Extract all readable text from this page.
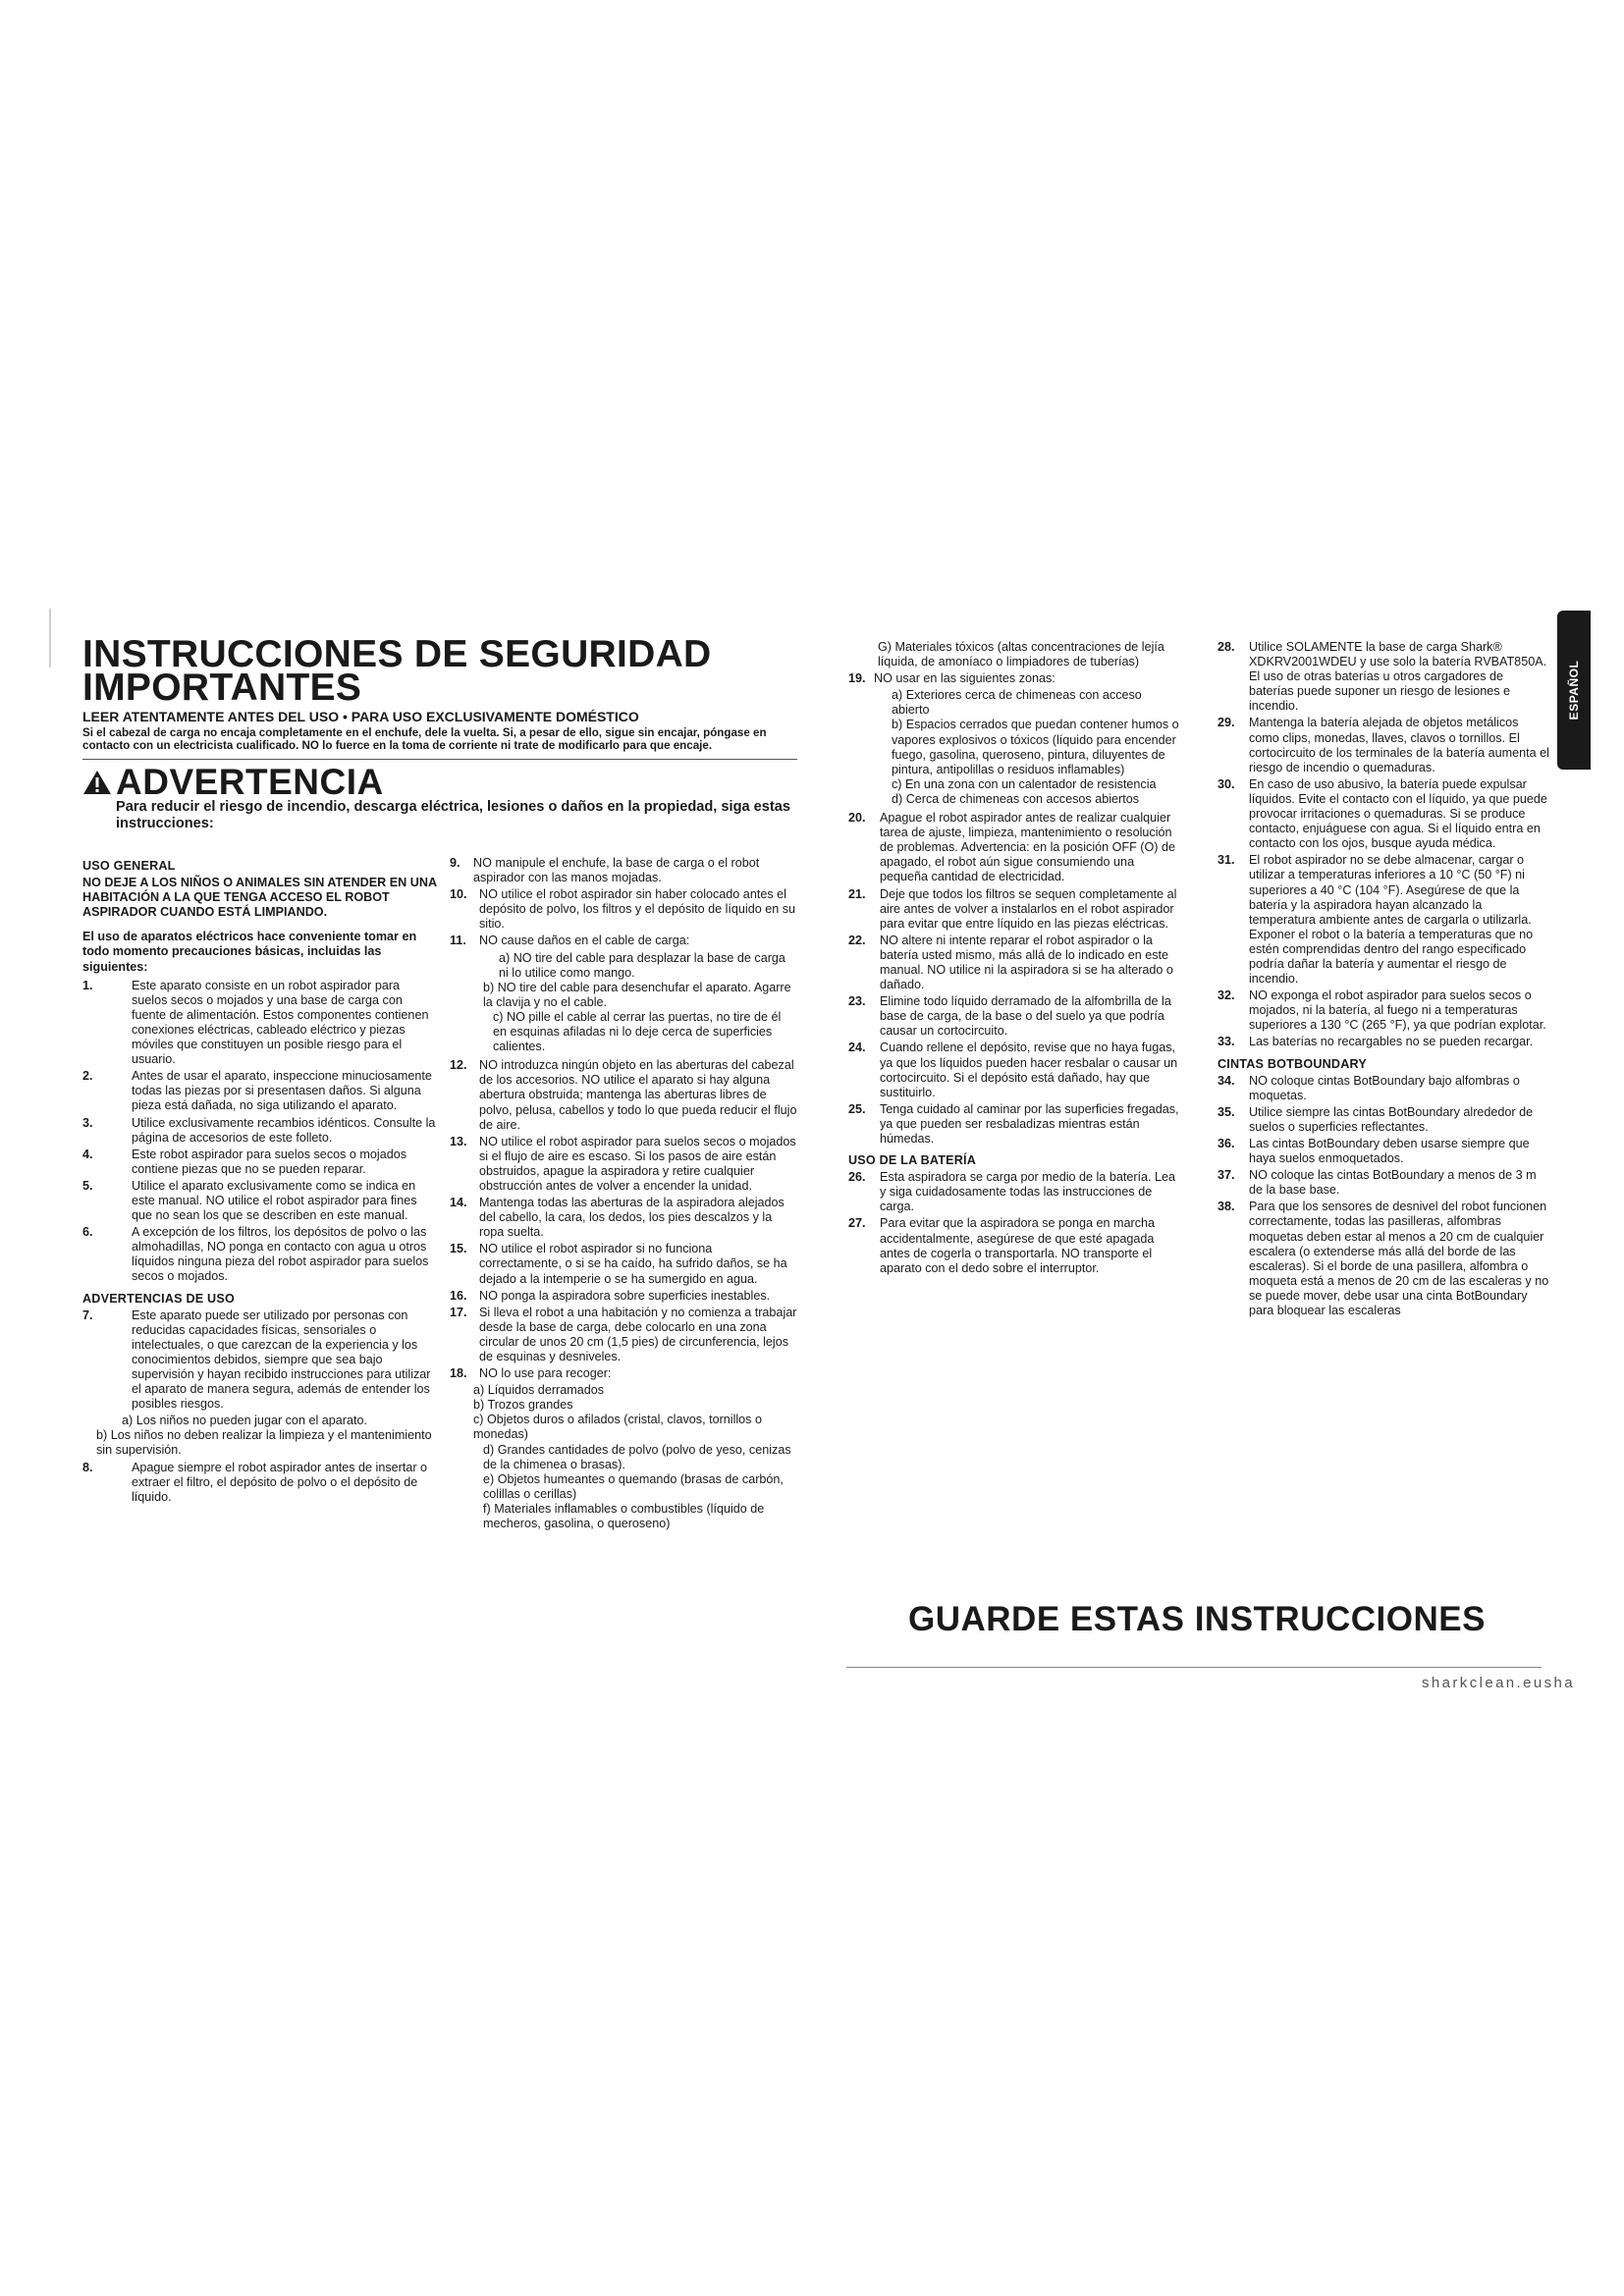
INSTRUCCIONES DE SEGURIDAD
IMPORTANTES
LEER ATENTAMENTE ANTES DEL USO • PARA USO EXCLUSIVAMENTE DOMÉSTICO
Si el cabezal de carga no encaja completamente en el enchufe, dele la vuelta. Si, a pesar de ello, sigue sin encajar, póngase en contacto con un electricista cualificado. NO lo fuerce en la toma de corriente ni trate de modificarlo para que encaje.
ADVERTENCIA
Para reducir el riesgo de incendio, descarga eléctrica, lesiones o daños en la propiedad, siga estas instrucciones:
USO GENERAL
NO DEJE A LOS NIÑOS O ANIMALES SIN ATENDER EN UNA HABITACIÓN A LA QUE TENGA ACCESO EL ROBOT ASPIRADOR CUANDO ESTÁ LIMPIANDO.
El uso de aparatos eléctricos hace conveniente tomar en todo momento precauciones básicas, incluidas las siguientes:
1.	Este aparato consiste en un robot aspirador para suelos secos o mojados y una base de carga con fuente de alimentación. Estos componentes contienen conexiones eléctricas, cableado eléctrico y piezas móviles que constituyen un posible riesgo para el usuario.
2.	Antes de usar el aparato, inspeccione minuciosamente todas las piezas por si presentasen daños. Si alguna pieza está dañada, no siga utilizando el aparato.
3.	Utilice exclusivamente recambios idénticos. Consulte la página de accesorios de este folleto.
4.	Este robot aspirador para suelos secos o mojados contiene piezas que no se pueden reparar.
5.	Utilice el aparato exclusivamente como se indica en este manual. NO utilice el robot aspirador para fines que no sean los que se describen en este manual.
6.	A excepción de los filtros, los depósitos de polvo o las almohadillas, NO ponga en contacto con agua u otros líquidos ninguna pieza del robot aspirador para suelos secos o mojados.
ADVERTENCIAS DE USO
7.	Este aparato puede ser utilizado por personas con reducidas capacidades físicas, sensoriales o intelectuales, o que carezcan de la experiencia y los conocimientos debidos, siempre que sea bajo supervisión y hayan recibido instrucciones para utilizar el aparato de manera segura, además de entender los posibles riesgos.
a) Los niños no pueden jugar con el aparato.
b) Los niños no deben realizar la limpieza y el mantenimiento sin supervisión.
8.	Apague siempre el robot aspirador antes de insertar o extraer el filtro, el depósito de polvo o el depósito de líquido.
9.	NO manipule el enchufe, la base de carga o el robot aspirador con las manos mojadas.
10. NO utilice el robot aspirador sin haber colocado antes el depósito de polvo, los filtros y el depósito de líquido en su sitio.
11.	NO cause daños en el cable de carga:
a) NO tire del cable para desplazar la base de carga ni lo utilice como mango.
b) NO tire del cable para desenchufar el aparato. Agarre la clavija y no el cable.
c) NO pille el cable al cerrar las puertas, no tire de él en esquinas afiladas ni lo deje cerca de superficies calientes.
12. NO introduzca ningún objeto en las aberturas del cabezal de los accesorios. NO utilice el aparato si hay alguna abertura obstruida; mantenga las aberturas libres de polvo, pelusa, cabellos y todo lo que pueda reducir el flujo de aire.
13. NO utilice el robot aspirador para suelos secos o mojados si el flujo de aire es escaso. Si los pasos de aire están obstruidos, apague la aspiradora y retire cualquier obstrucción antes de volver a encender la unidad.
14. Mantenga todas las aberturas de la aspiradora alejados del cabello, la cara, los dedos, los pies descalzos y la ropa suelta.
15. NO utilice el robot aspirador si no funciona correctamente, o si se ha caído, ha sufrido daños, se ha dejado a la intemperie o se ha sumergido en agua.
16. NO ponga la aspiradora sobre superficies inestables.
17. Si lleva el robot a una habitación y no comienza a trabajar desde la base de carga, debe colocarlo en una zona circular de unos 20 cm (1,5 pies) de circunferencia, lejos de esquinas y desniveles.
18. NO lo use para recoger:
a) Líquidos derramados
b) Trozos grandes
c) Objetos duros o afilados (cristal, clavos, tornillos o monedas)
d) Grandes cantidades de polvo (polvo de yeso, cenizas de la chimenea o brasas).
e) Objetos humeantes o quemando (brasas de carbón, colillas o cerillas)
f) Materiales inflamables o combustibles (líquido de mecheros, gasolina, o queroseno)
G) Materiales tóxicos (altas concentraciones de lejía líquida, de amoníaco o limpiadores de tuberías)
19. NO usar en las siguientes zonas:
a) Exteriores cerca de chimeneas con acceso abierto
b) Espacios cerrados que puedan contener humos o vapores explosivos o tóxicos (líquido para encender fuego, gasolina, queroseno, pintura, diluyentes de pintura, antipolillas o residuos inflamables)
c) En una zona con un calentador de resistencia
d) Cerca de chimeneas con accesos abiertos
20.	Apague el robot aspirador antes de realizar cualquier tarea de ajuste, limpieza, mantenimiento o resolución de problemas. Advertencia: en la posición OFF (O) de apagado, el robot aún sigue consumiendo una pequeña cantidad de electricidad.
21.	Deje que todos los filtros se sequen completamente al aire antes de volver a instalarlos en el robot aspirador para evitar que entre líquido en las piezas eléctricas.
22.	NO altere ni intente reparar el robot aspirador o la batería usted mismo, más allá de lo indicado en este manual. NO utilice ni la aspiradora si se ha alterado o dañado.
23.	Elimine todo líquido derramado de la alfombrilla de la base de carga, de la base o del suelo ya que podría causar un cortocircuito.
24.	Cuando rellene el depósito, revise que no haya fugas, ya que los líquidos pueden hacer resbalar o causar un cortocircuito. Si el depósito está dañado, hay que sustituirlo.
25.	Tenga cuidado al caminar por las superficies fregadas, ya que pueden ser resbaladizas mientras están húmedas.
USO DE LA BATERÍA
26.	Esta aspiradora se carga por medio de la batería. Lea y siga cuidadosamente todas las instrucciones de carga.
27.	Para evitar que la aspiradora se ponga en marcha accidentalmente, asegúrese de que esté apagada antes de cogerla o transportarla. NO transporte el aparato con el dedo sobre el interruptor.
28.	Utilice SOLAMENTE la base de carga Shark® XDKRV2001WDEU y use solo la batería RVBAT850A. El uso de otras baterías u otros cargadores de baterías puede suponer un riesgo de lesiones e incendio.
29.	Mantenga la batería alejada de objetos metálicos como clips, monedas, llaves, clavos o tornillos. El cortocircuito de los terminales de la batería aumenta el riesgo de incendio o quemaduras.
30.	En caso de uso abusivo, la batería puede expulsar líquidos. Evite el contacto con el líquido, ya que puede provocar irritaciones o quemaduras. Si se produce contacto, enjuáguese con agua. Si el líquido entra en contacto con los ojos, busque ayuda médica.
31.	El robot aspirador no se debe almacenar, cargar o utilizar a temperaturas inferiores a 10 °C (50 °F) ni superiores a 40 °C (104 °F). Asegúrese de que la batería y la aspiradora hayan alcanzado la temperatura ambiente antes de cargarla o utilizarla. Exponer el robot o la batería a temperaturas que no estén comprendidas dentro del rango especificado podría dañar la batería y aumentar el riesgo de incendio.
32.	NO exponga el robot aspirador para suelos secos o mojados, ni la batería, al fuego ni a temperaturas superiores a 130 °C (265 °F), ya que podrían explotar.
33.	Las baterías no recargables no se pueden recargar.
CINTAS BOTBOUNDARY
34.	NO coloque cintas BotBoundary bajo alfombras o moquetas.
35.	Utilice siempre las cintas BotBoundary alrededor de suelos o superficies reflectantes.
36.	Las cintas BotBoundary deben usarse siempre que haya suelos enmoquetados.
37.	NO coloque las cintas BotBoundary a menos de 3 m de la base base.
38.	Para que los sensores de desnivel del robot funcionen correctamente, todas las pasilleras, alfombras moquetas deben estar al menos a 20 cm de cualquier escalera (o extenderse más allá del borde de las escaleras). Si el borde de una pasillera, alfombra o moqueta está a menos de 20 cm de las escaleras y no se puede mover, debe usar una cinta BotBoundary para bloquear las escaleras
ESPAÑOL
GUARDE ESTAS INSTRUCCIONES
sharkclean.eusha
